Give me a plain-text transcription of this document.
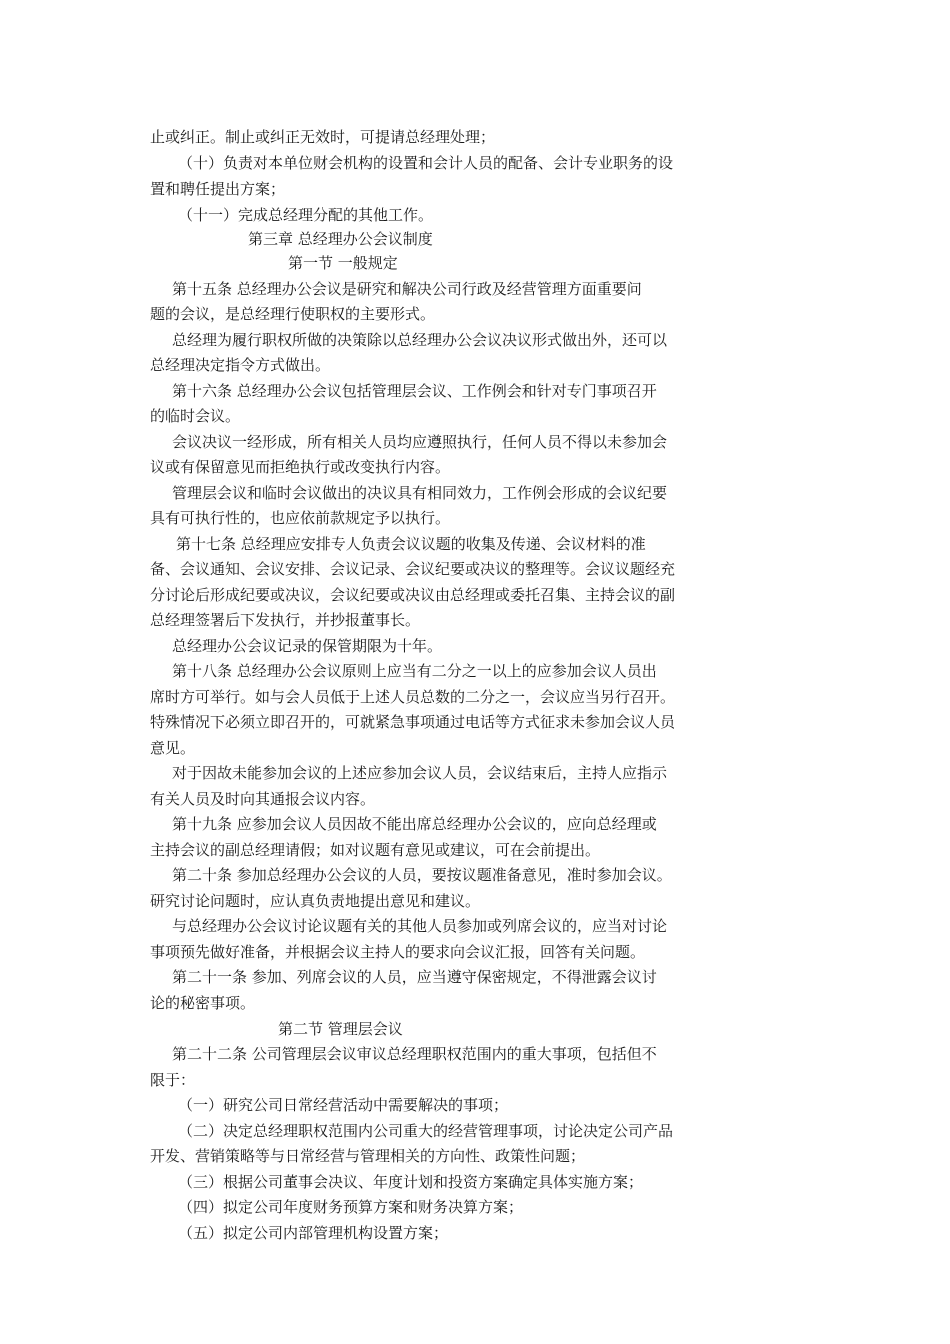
止或纠正。制止或纠正无效时，可提请总经理处理；
（十）负责对本单位财会机构的设置和会计人员的配备、会计专业职务的设
置和聘任提出方案；
（十一）完成总经理分配的其他工作。
第三章 总经理办公会议制度
第一节 一般规定
第十五条 总经理办公会议是研究和解决公司行政及经营管理方面重要问
题的会议，是总经理行使职权的主要形式。
总经理为履行职权所做的决策除以总经理办公会议决议形式做出外，还可以
总经理决定指令方式做出。
第十六条 总经理办公会议包括管理层会议、工作例会和针对专门事项召开
的临时会议。
会议决议一经形成，所有相关人员均应遵照执行，任何人员不得以未参加会
议或有保留意见而拒绝执行或改变执行内容。
管理层会议和临时会议做出的决议具有相同效力，工作例会形成的会议纪要
具有可执行性的，也应依前款规定予以执行。
第十七条 总经理应安排专人负责会议议题的收集及传递、会议材料的准
备、会议通知、会议安排、会议记录、会议纪要或决议的整理等。会议议题经充
分讨论后形成纪要或决议，会议纪要或决议由总经理或委托召集、主持会议的副
总经理签署后下发执行，并抄报董事长。
总经理办公会议记录的保管期限为十年。
第十八条 总经理办公会议原则上应当有二分之一以上的应参加会议人员出
席时方可举行。如与会人员低于上述人员总数的二分之一，会议应当另行召开。
特殊情况下必须立即召开的，可就紧急事项通过电话等方式征求未参加会议人员
意见。
对于因故未能参加会议的上述应参加会议人员，会议结束后，主持人应指示
有关人员及时向其通报会议内容。
第十九条 应参加会议人员因故不能出席总经理办公会议的，应向总经理或
主持会议的副总经理请假；如对议题有意见或建议，可在会前提出。
第二十条 参加总经理办公会议的人员，要按议题准备意见，准时参加会议。
研究讨论问题时，应认真负责地提出意见和建议。
与总经理办公会议讨论议题有关的其他人员参加或列席会议的，应当对讨论
事项预先做好准备，并根据会议主持人的要求向会议汇报，回答有关问题。
第二十一条 参加、列席会议的人员，应当遵守保密规定，不得泄露会议讨
论的秘密事项。
第二节 管理层会议
第二十二条 公司管理层会议审议总经理职权范围内的重大事项，包括但不
限于：
（一）研究公司日常经营活动中需要解决的事项；
（二）决定总经理职权范围内公司重大的经营管理事项，讨论决定公司产品
开发、营销策略等与日常经营与管理相关的方向性、政策性问题；
（三）根据公司董事会决议、年度计划和投资方案确定具体实施方案；
（四）拟定公司年度财务预算方案和财务决算方案；
（五）拟定公司内部管理机构设置方案；
